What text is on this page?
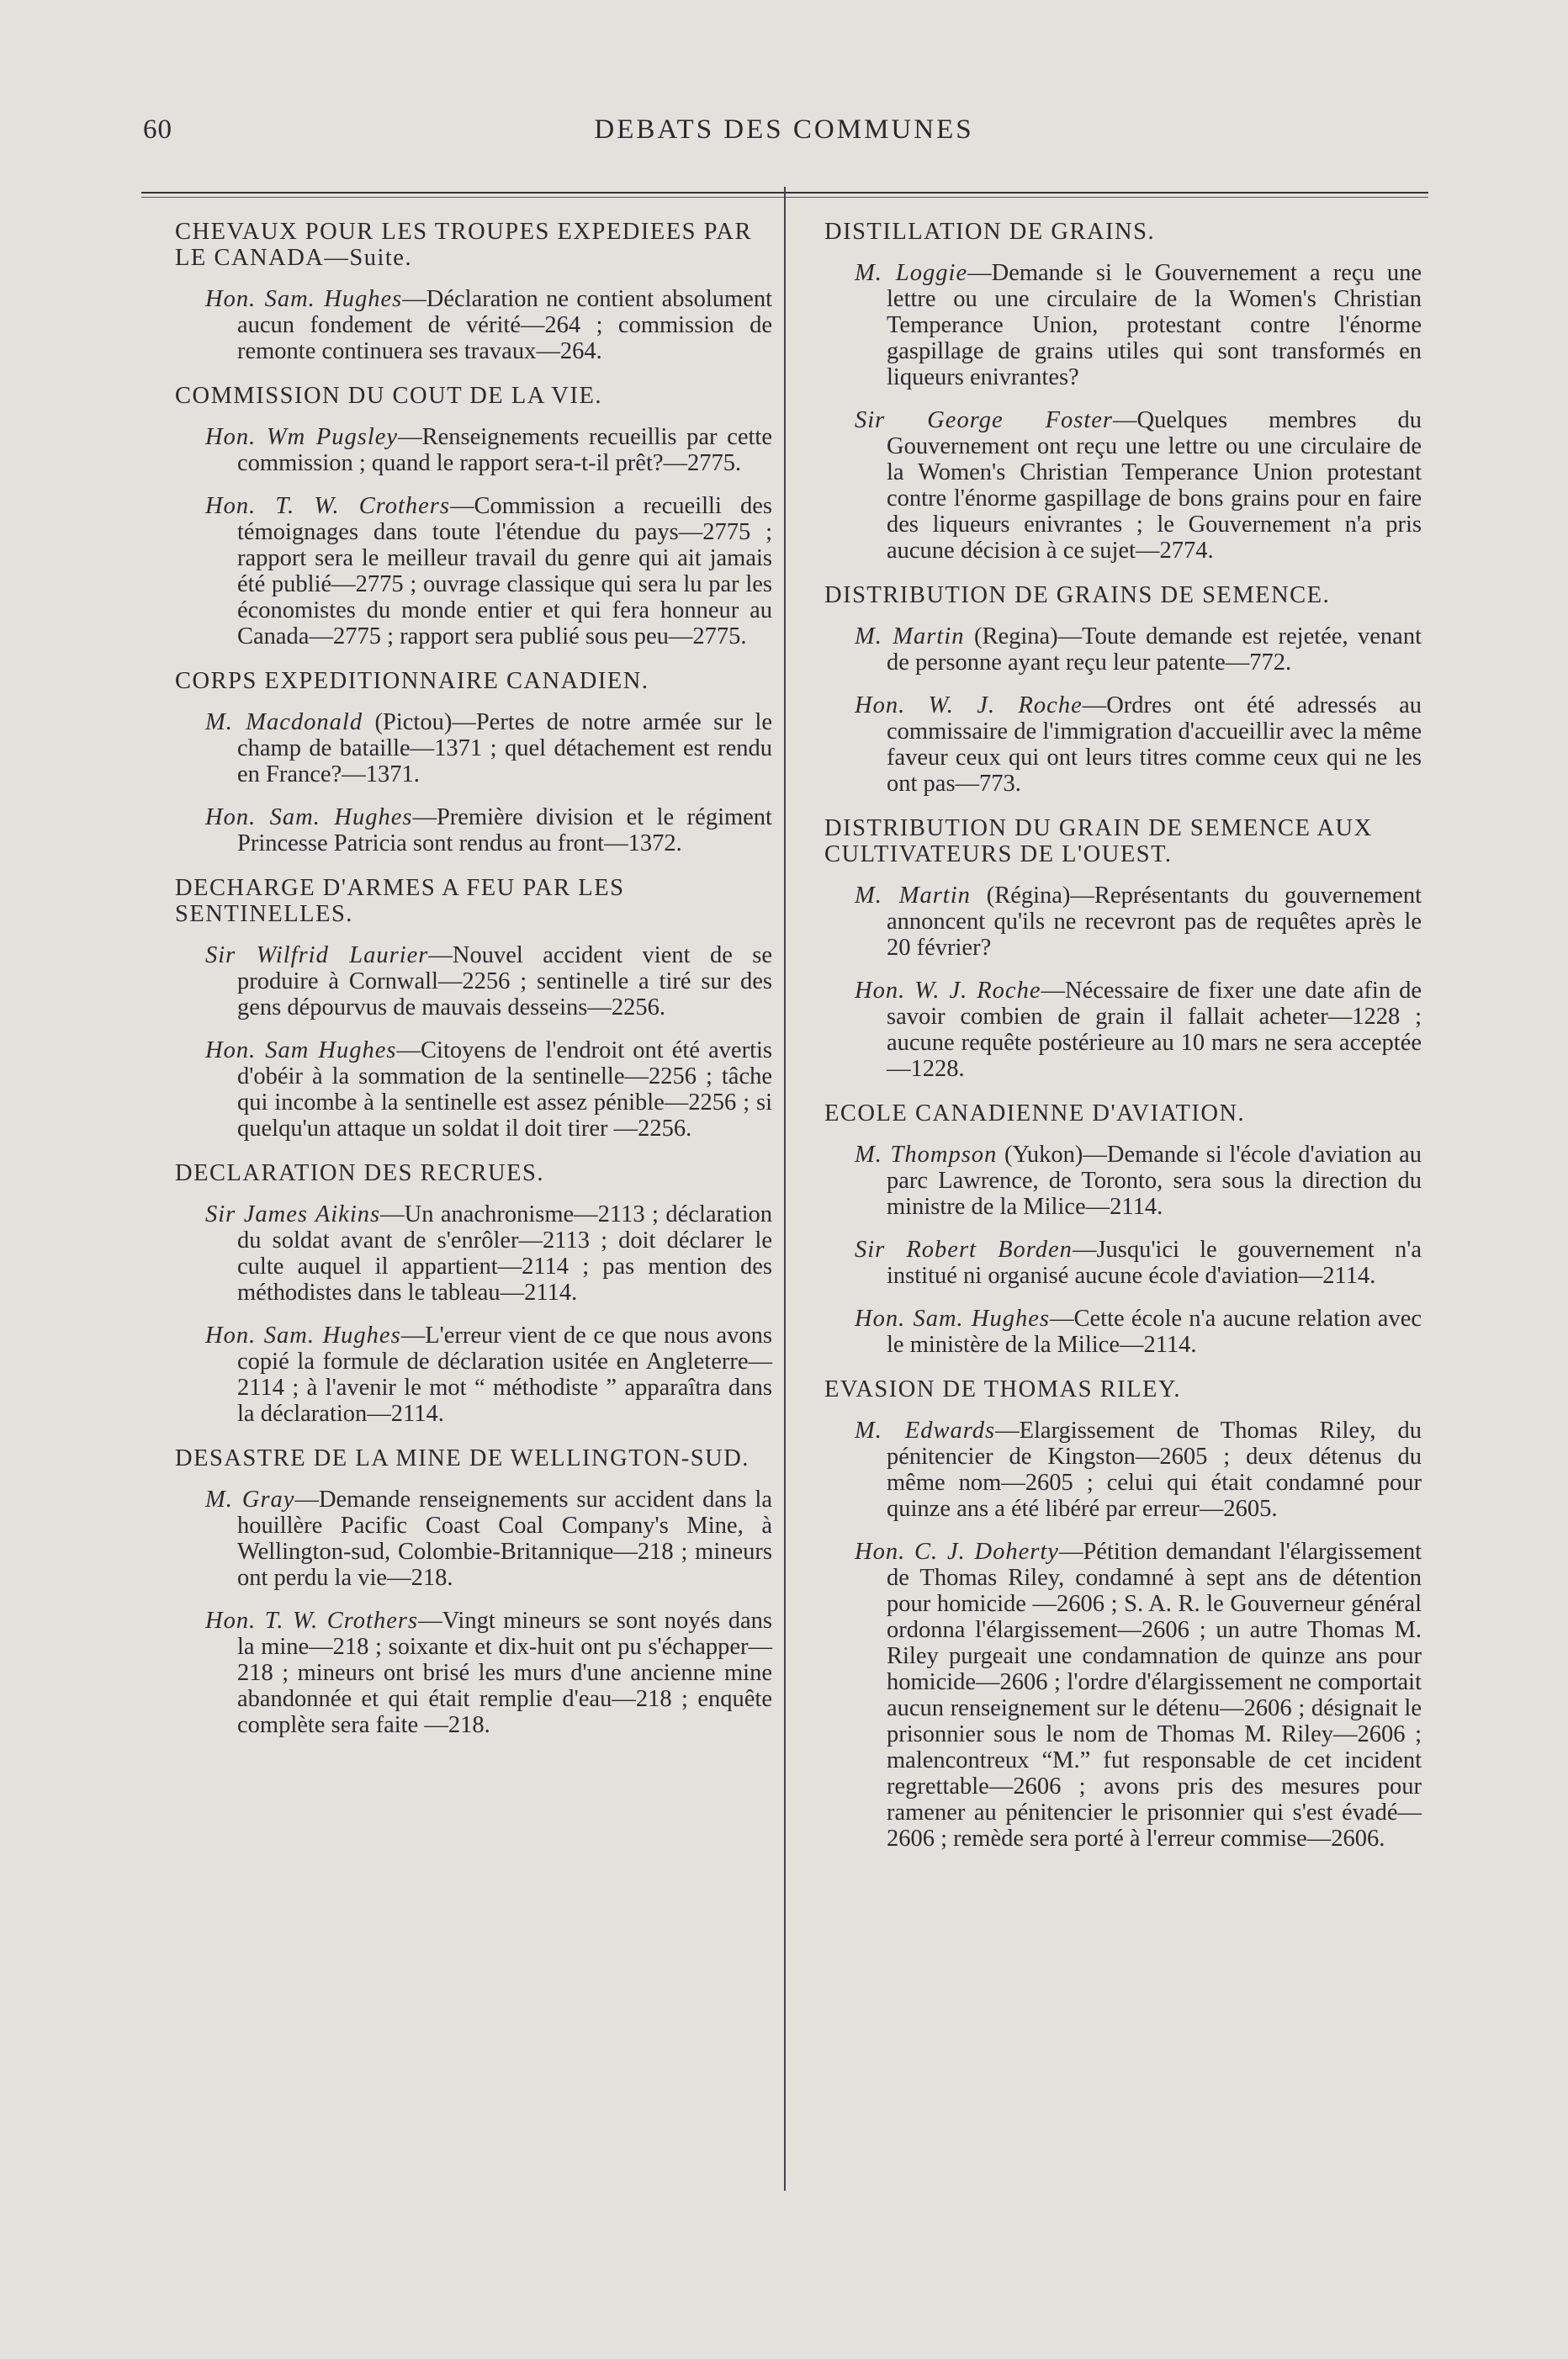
60	DEBATS DES COMMUNES
CHEVAUX POUR LES TROUPES EXPEDIEES PAR LE CANADA—Suite.
Hon. Sam. Hughes—Déclaration ne contient absolument aucun fondement de vérité—264 ; commission de remonte continuera ses travaux—264.
COMMISSION DU COUT DE LA VIE.
Hon. Wm Pugsley—Renseignements recueillis par cette commission ; quand le rapport sera-t-il prêt?—2775.
Hon. T. W. Crothers—Commission a recueilli des témoignages dans toute l'étendue du pays—2775 ; rapport sera le meilleur travail du genre qui ait jamais été publié—2775 ; ouvrage classique qui sera lu par les économistes du monde entier et qui fera honneur au Canada—2775 ; rapport sera publié sous peu—2775.
CORPS EXPEDITIONNAIRE CANADIEN.
M. Macdonald (Pictou)—Pertes de notre armée sur le champ de bataille—1371 ; quel détachement est rendu en France?—1371.
Hon. Sam. Hughes—Première division et le régiment Princesse Patricia sont rendus au front—1372.
DECHARGE D'ARMES A FEU PAR LES SENTINELLES.
Sir Wilfrid Laurier—Nouvel accident vient de se produire à Cornwall—2256 ; sentinelle a tiré sur des gens dépourvus de mauvais desseins—2256.
Hon. Sam Hughes—Citoyens de l'endroit ont été avertis d'obéir à la sommation de la sentinelle—2256 ; tâche qui incombe à la sentinelle est assez pénible—2256 ; si quelqu'un attaque un soldat il doit tirer —2256.
DECLARATION DES RECRUES.
Sir James Aikins—Un anachronisme—2113 ; déclaration du soldat avant de s'enrôler—2113 ; doit déclarer le culte auquel il appartient—2114 ; pas mention des méthodistes dans le tableau—2114.
Hon. Sam. Hughes—L'erreur vient de ce que nous avons copié la formule de déclaration usitée en Angleterre—2114 ; à l'avenir le mot “ méthodiste ” apparaîtra dans la déclaration—2114.
DESASTRE DE LA MINE DE WELLINGTON-SUD.
M. Gray—Demande renseignements sur accident dans la houillère Pacific Coast Coal Company's Mine, à Wellington-sud, Colombie-Britannique—218 ; mineurs ont perdu la vie—218.
Hon. T. W. Crothers—Vingt mineurs se sont noyés dans la mine—218 ; soixante et dix-huit ont pu s'échapper—218 ; mineurs ont brisé les murs d'une ancienne mine abandonnée et qui était remplie d'eau—218 ; enquête complète sera faite —218.
DISTILLATION DE GRAINS.
M. Loggie—Demande si le Gouvernement a reçu une lettre ou une circulaire de la Women's Christian Temperance Union, protestant contre l'énorme gaspillage de grains utiles qui sont transformés en liqueurs enivrantes?
Sir George Foster—Quelques membres du Gouvernement ont reçu une lettre ou une circulaire de la Women's Christian Temperance Union protestant contre l'énorme gaspillage de bons grains pour en faire des liqueurs enivrantes ; le Gouvernement n'a pris aucune décision à ce sujet—2774.
DISTRIBUTION DE GRAINS DE SEMENCE.
M. Martin (Regina)—Toute demande est rejetée, venant de personne ayant reçu leur patente—772.
Hon. W. J. Roche—Ordres ont été adressés au commissaire de l'immigration d'accueillir avec la même faveur ceux qui ont leurs titres comme ceux qui ne les ont pas—773.
DISTRIBUTION DU GRAIN DE SEMENCE AUX CULTIVATEURS DE L'OUEST.
M. Martin (Régina)—Représentants du gouvernement annoncent qu'ils ne recevront pas de requêtes après le 20 février?
Hon. W. J. Roche—Nécessaire de fixer une date afin de savoir combien de grain il fallait acheter—1228 ; aucune requête postérieure au 10 mars ne sera acceptée —1228.
ECOLE CANADIENNE D'AVIATION.
M. Thompson (Yukon)—Demande si l'école d'aviation au parc Lawrence, de Toronto, sera sous la direction du ministre de la Milice—2114.
Sir Robert Borden—Jusqu'ici le gouvernement n'a institué ni organisé aucune école d'aviation—2114.
Hon. Sam. Hughes—Cette école n'a aucune relation avec le ministère de la Milice—2114.
EVASION DE THOMAS RILEY.
M. Edwards—Elargissement de Thomas Riley, du pénitencier de Kingston—2605 ; deux détenus du même nom—2605 ; celui qui était condamné pour quinze ans a été libéré par erreur—2605.
Hon. C. J. Doherty—Pétition demandant l'élargissement de Thomas Riley, condamné à sept ans de détention pour homicide —2606 ; S. A. R. le Gouverneur général ordonna l'élargissement—2606 ; un autre Thomas M. Riley purgeait une condamnation de quinze ans pour homicide—2606 ; l'ordre d'élargissement ne comportait aucun renseignement sur le détenu—2606 ; désignait le prisonnier sous le nom de Thomas M. Riley—2606 ; malencontreux “M.” fut responsable de cet incident regrettable—2606 ; avons pris des mesures pour ramener au pénitencier le prisonnier qui s'est évadé—2606 ; remède sera porté à l'erreur commise—2606.
